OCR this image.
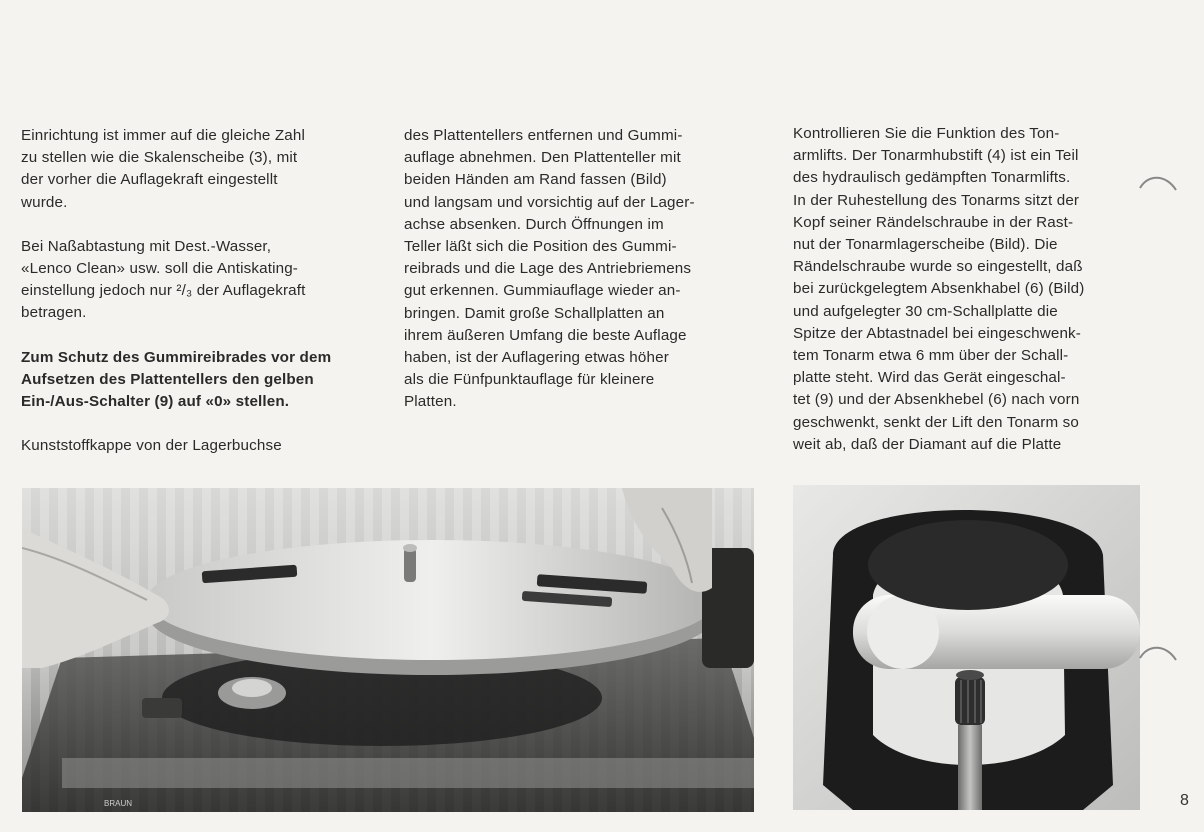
Einrichtung ist immer auf die gleiche Zahl
zu stellen wie die Skalenscheibe (3), mit
der vorher die Auflagekraft eingestellt
wurde.

Bei Naßabtastung mit Dest.-Wasser,
«Lenco Clean» usw. soll die Antiskating-
einstellung jedoch nur ²/₃ der Auflagekraft
betragen.

Zum Schutz des Gummireibrades vor dem
Aufsetzen des Plattentellers den gelben
Ein-/Aus-Schalter (9) auf «0» stellen.

Kunststoffkappe von der Lagerbuchse

des Plattentellers entfernen und Gummi-
auflage abnehmen. Den Plattenteller mit
beiden Händen am Rand fassen (Bild)
und langsam und vorsichtig auf der Lager-
achse absenken. Durch Öffnungen im
Teller läßt sich die Position des Gummi-
reibrads und die Lage des Antriebriemens
gut erkennen. Gummiauflage wieder an-
bringen. Damit große Schallplatten an
ihrem äußeren Umfang die beste Auflage
haben, ist der Auflagering etwas höher
als die Fünfpunktauflage für kleinere
Platten.

Kontrollieren Sie die Funktion des Ton-
armlifts. Der Tonarmhubstift (4) ist ein Teil
des hydraulisch gedämpften Tonarmlifts.
In der Ruhestellung des Tonarms sitzt der
Kopf seiner Rändelschraube in der Rast-
nut der Tonarmlagerscheibe (Bild). Die
Rändelschraube wurde so eingestellt, daß
bei zurückgelegtem Absenkhabel (6) (Bild)
und aufgelegter 30 cm-Schallplatte die
Spitze der Abtastnadel bei eingeschwenk-
tem Tonarm etwa 6 mm über der Schall-
platte steht. Wird das Gerät eingeschal-
tet (9) und der Absenkhebel (6) nach vorn
geschwenkt, senkt der Lift den Tonarm so
weit ab, daß der Diamant auf die Platte

BRAUN	8
